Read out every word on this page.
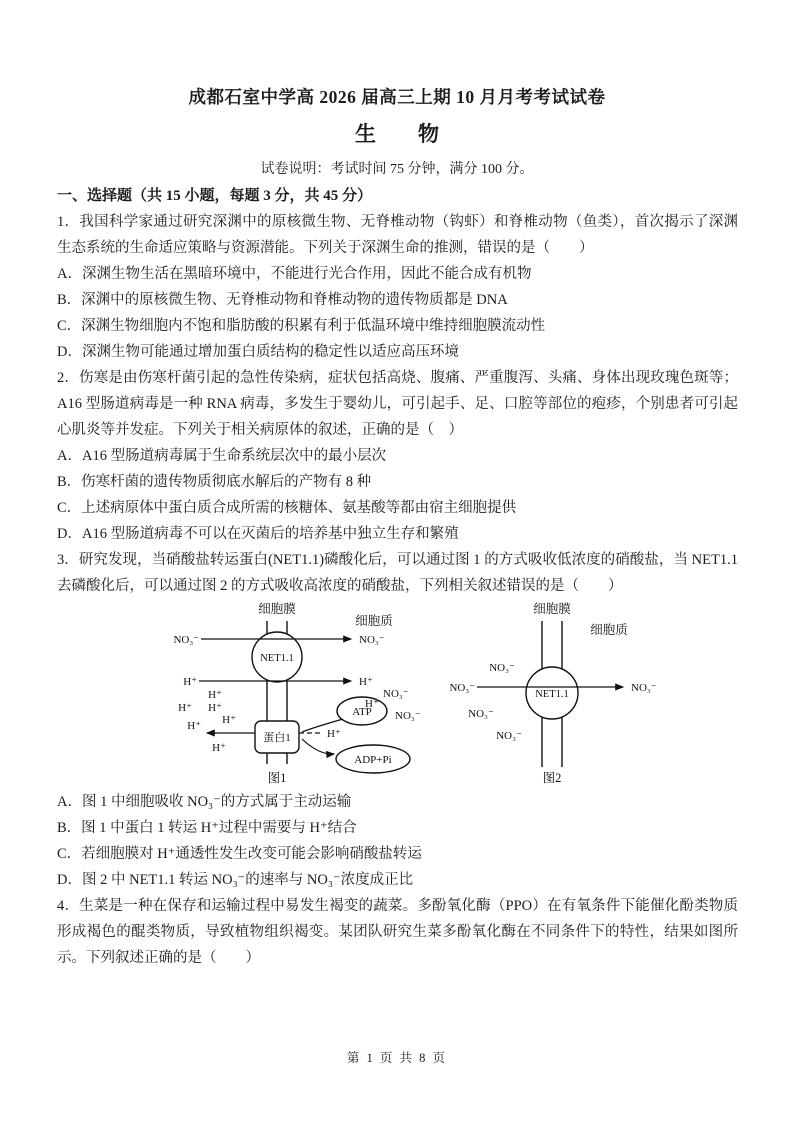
成都石室中学高 2026 届高三上期 10 月月考考试试卷
生　　物
试卷说明：考试时间 75 分钟，满分 100 分。
一、选择题（共 15 小题，每题 3 分，共 45 分）

1．我国科学家通过研究深渊中的原核微生物、无脊椎动物（钩虾）和脊椎动物（鱼类），首次揭示了深渊生态系统的生命适应策略与资源潜能。下列关于深渊生命的推测，错误的是（　　）

A．深渊生物生活在黑暗环境中，不能进行光合作用，因此不能合成有机物
B．深渊中的原核微生物、无脊椎动物和脊椎动物的遗传物质都是 DNA
C．深渊生物细胞内不饱和脂肪酸的积累有利于低温环境中维持细胞膜流动性
D．深渊生物可能通过增加蛋白质结构的稳定性以适应高压环境

2．伤寒是由伤寒杆菌引起的急性传染病，症状包括高烧、腹痛、严重腹泻、头痛、身体出现玫瑰色斑等；A16 型肠道病毒是一种 RNA 病毒，多发生于婴幼儿，可引起手、足、口腔等部位的疱疹，个别患者可引起心肌炎等并发症。下列关于相关病原体的叙述，正确的是（　）

A．A16 型肠道病毒属于生命系统层次中的最小层次
B．伤寒杆菌的遗传物质彻底水解后的产物有 8 种
C．上述病原体中蛋白质合成所需的核糖体、氨基酸等都由宿主细胞提供
D．A16 型肠道病毒不可以在灭菌后的培养基中独立生存和繁殖

3．研究发现，当硝酸盐转运蛋白(NET1.1)磷酸化后，可以通过图 1 的方式吸收低浓度的硝酸盐，当 NET1.1 去磷酸化后，可以通过图 2 的方式吸收高浓度的硝酸盐，下列相关叙述错误的是（　　）

细胞膜
细胞质
NET1.1
NO₃⁻	NO₃⁻
H⁺	H⁺
H⁺
H⁺ H⁺
H⁺
H⁺
NO₃⁻
NO₃⁻
蛋白1
H⁺
H⁺
H⁺
ATP
ADP+Pi
图1
细胞膜
细胞质
NET1.1
NO₃⁻	NO₃⁻
NO₃⁻
NO₃⁻
NO₃⁻
图2
A．图 1 中细胞吸收 NO₃⁻的方式属于主动运输
B．图 1 中蛋白 1 转运 H⁺过程中需要与 H⁺结合
C．若细胞膜对 H⁺通透性发生改变可能会影响硝酸盐转运
D．图 2 中 NET1.1 转运 NO₃⁻的速率与 NO₃⁻浓度成正比

4．生菜是一种在保存和运输过程中易发生褐变的蔬菜。多酚氧化酶（PPO）在有氧条件下能催化酚类物质形成褐色的醌类物质，导致植物组织褐变。某团队研究生菜多酚氧化酶在不同条件下的特性，结果如图所示。下列叙述正确的是（　　）

第 1 页 共 8 页
